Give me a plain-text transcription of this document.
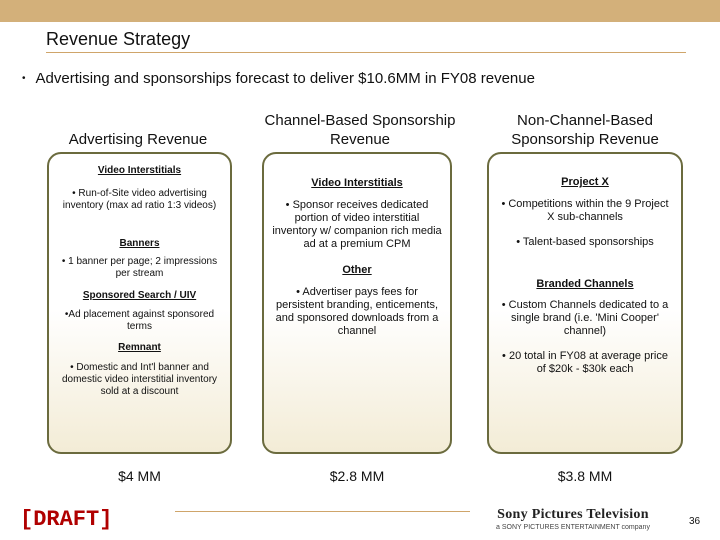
Revenue Strategy
• Advertising and sponsorships forecast to deliver $10.6MM in FY08 revenue
Advertising Revenue
Channel-Based Sponsorship Revenue
Non-Channel-Based Sponsorship Revenue
Video Interstitials
• Run-of-Site video advertising inventory (max ad ratio 1:3 videos)
Banners
• 1 banner per page; 2 impressions per stream
Sponsored Search / UIV
•Ad placement against sponsored terms
Remnant
• Domestic and Int'l banner and domestic video interstitial inventory sold at a discount
Video Interstitials
• Sponsor receives dedicated portion of video interstitial inventory w/ companion rich media ad at a premium CPM
Other
• Advertiser pays fees for persistent branding, enticements, and sponsored downloads from a channel
Project X
• Competitions within the 9 Project X sub-channels
• Talent-based sponsorships
Branded Channels
• Custom Channels dedicated to a single brand (i.e. 'Mini Cooper' channel)
• 20 total in FY08 at average price of $20k - $30k each
$4 MM	$2.8 MM	$3.8 MM
[DRAFT]	Sony Pictures Television
a SONY PICTURES ENTERTAINMENT company
36
